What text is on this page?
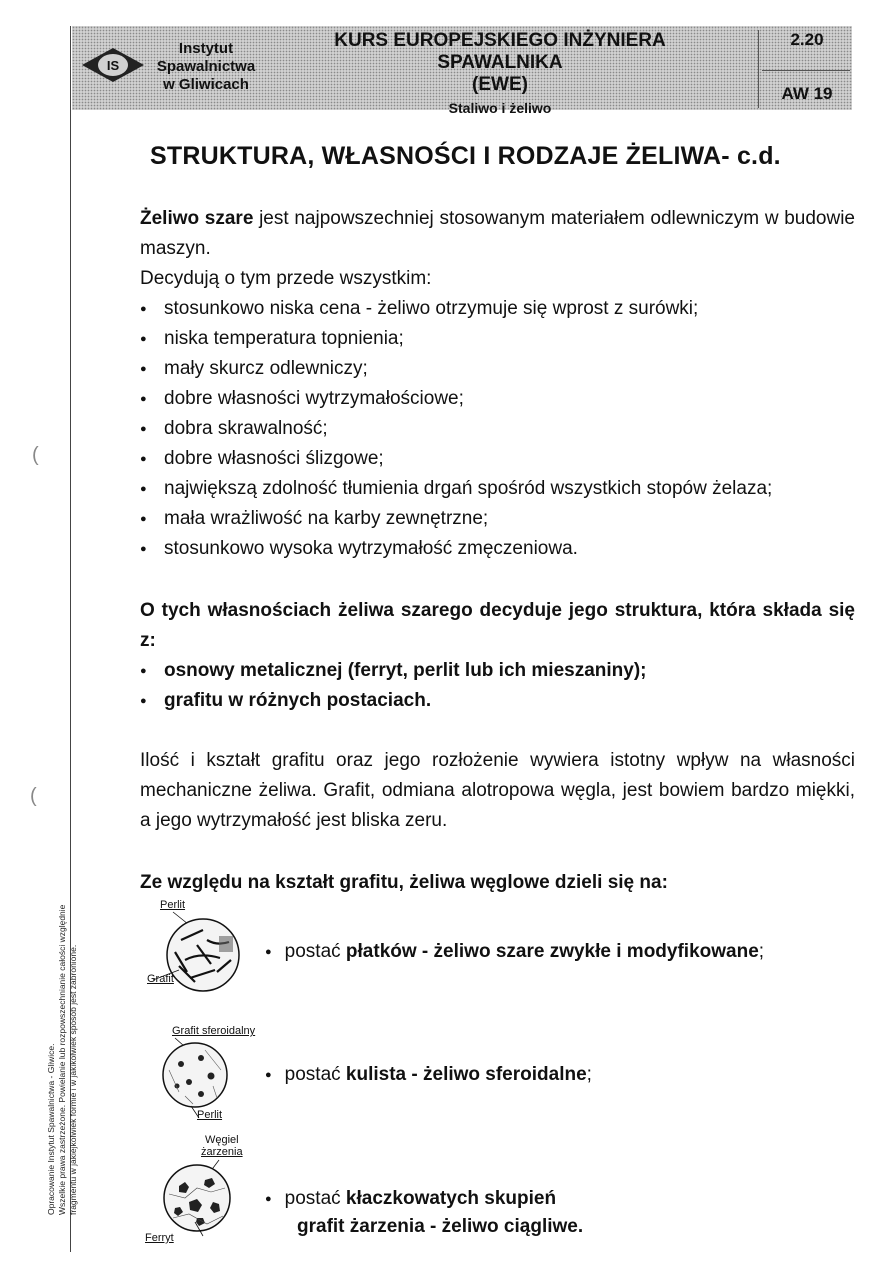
IS
Instytut
Spawalnictwa
w Gliwicach
KURS EUROPEJSKIEGO INŻYNIERA SPAWALNIKA
(EWE)
Staliwo i żeliwo
2.20
AW 19
STRUKTURA, WŁASNOŚCI I RODZAJE ŻELIWA- c.d.
Żeliwo szare jest najpowszechniej stosowanym materiałem odlewniczym w budowie maszyn.
Decydują o tym przede wszystkim:
● stosunkowo niska cena - żeliwo otrzymuje się wprost z surówki;
● niska temperatura topnienia;
● mały skurcz odlewniczy;
● dobre własności wytrzymałościowe;
● dobra skrawalność;
● dobre własności ślizgowe;
● największą zdolność tłumienia drgań spośród wszystkich stopów żelaza;
● mała wrażliwość na karby zewnętrzne;
● stosunkowo wysoka wytrzymałość zmęczeniowa.
O tych własnościach żeliwa szarego decyduje jego struktura, która składa się z:
● osnowy metalicznej (ferryt, perlit lub ich mieszaniny);
● grafitu w różnych postaciach.
Ilość i kształt grafitu oraz jego rozłożenie wywiera istotny wpływ na własności mechaniczne żeliwa. Grafit, odmiana alotropowa węgla, jest bowiem bardzo miękki, a jego wytrzymałość jest bliska zeru.
Ze względu na kształt grafitu, żeliwa węglowe dzieli się na:
Perlit
Grafit
● postać płatków - żeliwo szare zwykłe i modyfikowane;
Grafit sferoidalny
Perlit
● postać kulista - żeliwo sferoidalne;
Węgiel
żarzenia
Ferryt
● postać kłaczkowatych skupień
grafit żarzenia - żeliwo ciągliwe.
Opracowanie Instytut Spawalnictwa - Gliwice. Wszelkie prawa zastrzeżone. Powielanie lub rozpowszechnianie całości względnie fragmentu w jakiejkolwiek formie i w jakikolwiek sposób jest zabronione.
(
(
